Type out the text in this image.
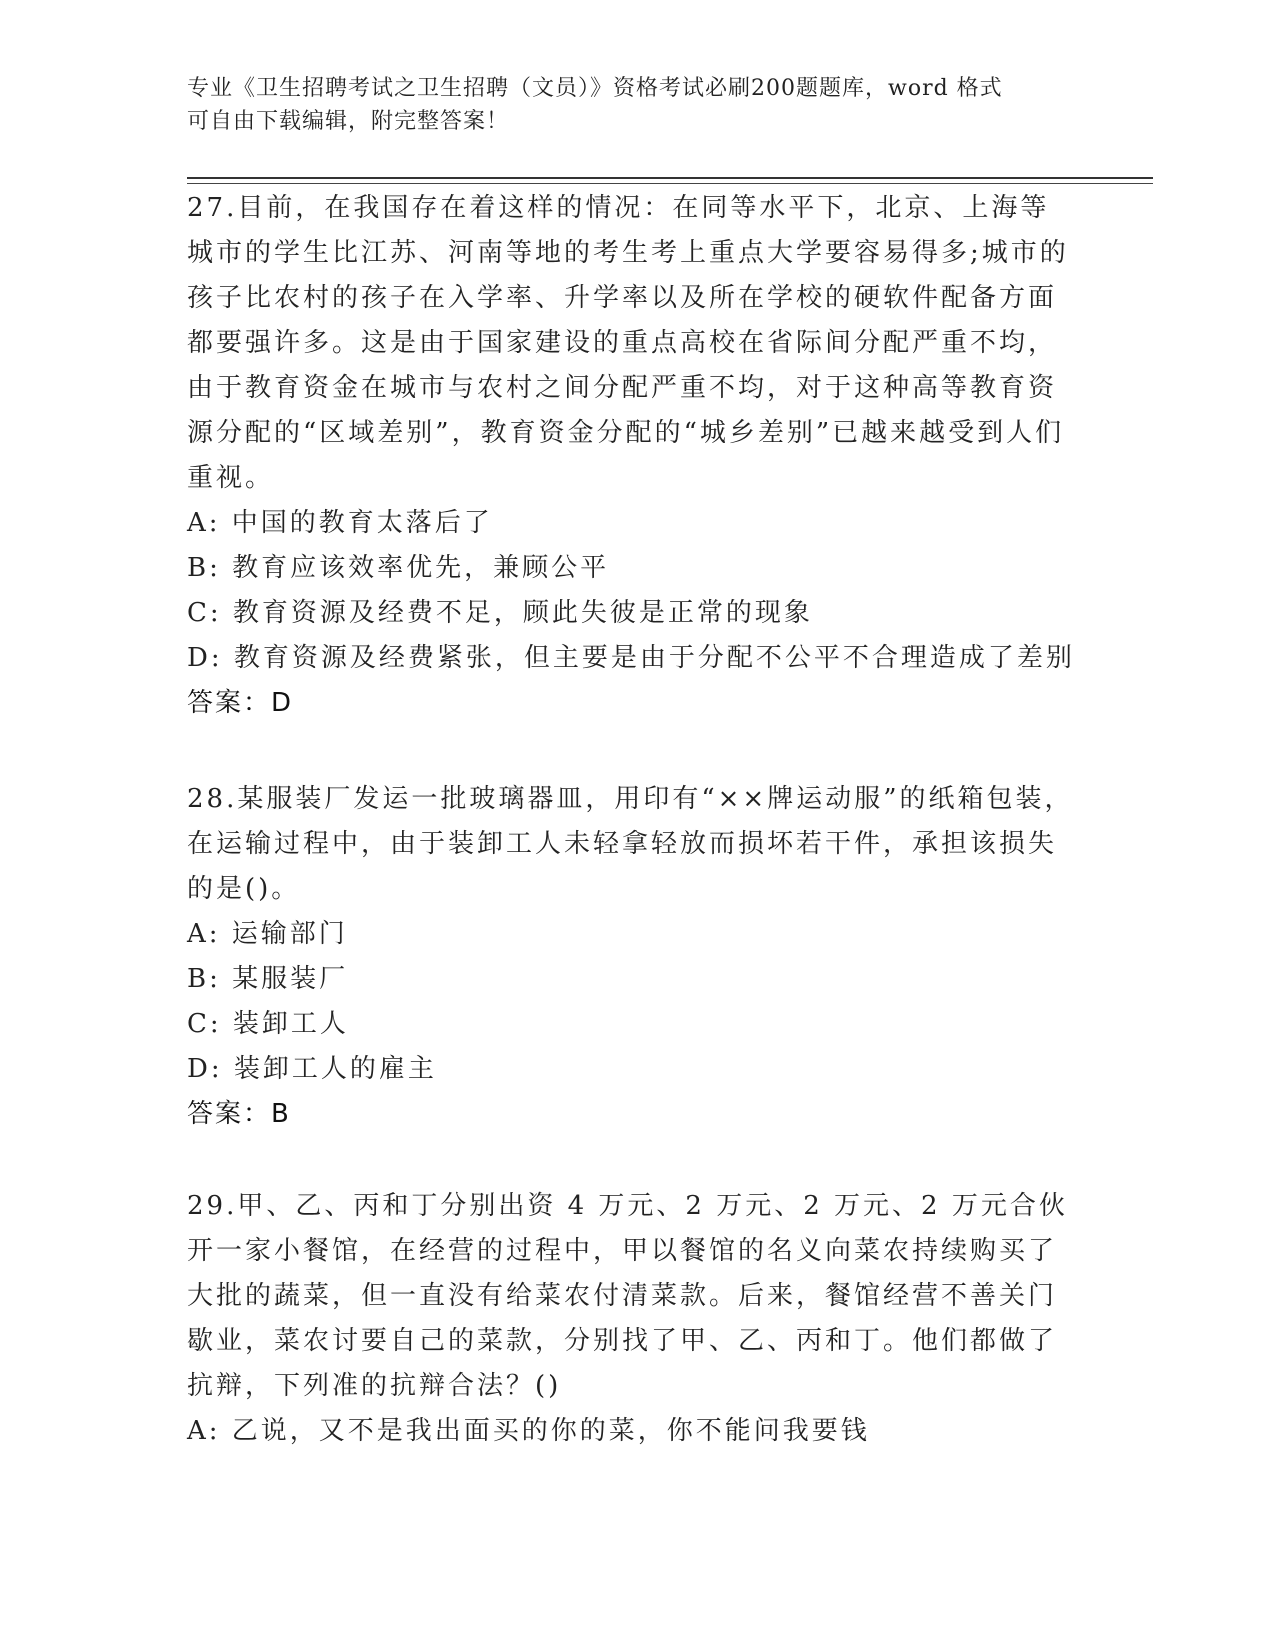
专业《卫生招聘考试之卫生招聘（文员）》资格考试必刷200题题库，word 格式
可自由下载编辑，附完整答案！

27.目前，在我国存在着这样的情况：在同等水平下，北京、上海等城市的学生比江苏、河南等地的考生考上重点大学要容易得多;城市的孩子比农村的孩子在入学率、升学率以及所在学校的硬软件配备方面都要强许多。这是由于国家建设的重点高校在省际间分配严重不均，由于教育资金在城市与农村之间分配严重不均，对于这种高等教育资源分配的“区域差别”，教育资金分配的“城乡差别”已越来越受到人们重视。

A: 中国的教育太落后了

B: 教育应该效率优先，兼顾公平

C: 教育资源及经费不足，顾此失彼是正常的现象

D: 教育资源及经费紧张，但主要是由于分配不公平不合理造成了差别

答案：D

28.某服装厂发运一批玻璃器皿，用印有“××牌运动服”的纸箱包装，在运输过程中，由于装卸工人未轻拿轻放而损坏若干件，承担该损失的是()。

A: 运输部门

B: 某服装厂

C: 装卸工人

D: 装卸工人的雇主

答案：B

29.甲、乙、丙和丁分别出资 4 万元、2 万元、2 万元、2 万元合伙开一家小餐馆，在经营的过程中，甲以餐馆的名义向菜农持续购买了大批的蔬菜，但一直没有给菜农付清菜款。后来，餐馆经营不善关门歇业，菜农讨要自己的菜款，分别找了甲、乙、丙和丁。他们都做了抗辩，下列准的抗辩合法？()

A: 乙说，又不是我出面买的你的菜，你不能问我要钱
